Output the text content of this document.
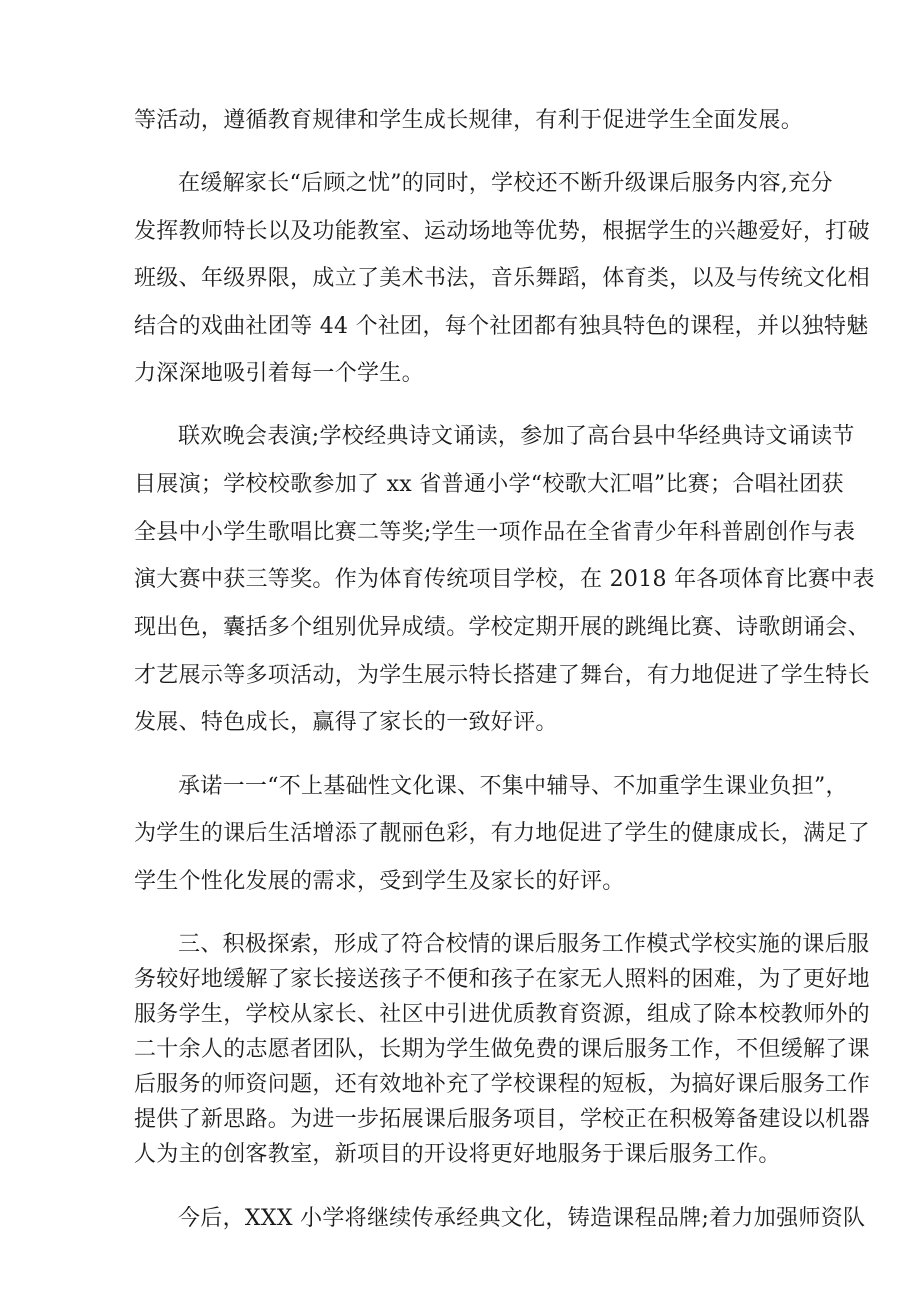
等活动，遵循教育规律和学生成长规律，有利于促进学生全面发展。
在缓解家长“后顾之忧”的同时，学校还不断升级课后服务内容,充分
发挥教师特长以及功能教室、运动场地等优势，根据学生的兴趣爱好，打破
班级、年级界限，成立了美术书法，音乐舞蹈，体育类，以及与传统文化相
结合的戏曲社团等 44 个社团，每个社团都有独具特色的课程，并以独特魅
力深深地吸引着每一个学生。
联欢晚会表演;学校经典诗文诵读，参加了高台县中华经典诗文诵读节
目展演；学校校歌参加了 xx 省普通小学“校歌大汇唱”比赛；合唱社团获
全县中小学生歌唱比赛二等奖;学生一项作品在全省青少年科普剧创作与表
演大赛中获三等奖。作为体育传统项目学校，在 2018 年各项体育比赛中表
现出色，囊括多个组别优异成绩。学校定期开展的跳绳比赛、诗歌朗诵会、
才艺展示等多项活动，为学生展示特长搭建了舞台，有力地促进了学生特长
发展、特色成长，赢得了家长的一致好评。
承诺一一“不上基础性文化课、不集中辅导、不加重学生课业负担”，
为学生的课后生活增添了靓丽色彩，有力地促进了学生的健康成长，满足了
学生个性化发展的需求，受到学生及家长的好评。
三、积极探索，形成了符合校情的课后服务工作模式学校实施的课后服
务较好地缓解了家长接送孩子不便和孩子在家无人照料的困难，为了更好地
服务学生，学校从家长、社区中引进优质教育资源，组成了除本校教师外的
二十余人的志愿者团队，长期为学生做免费的课后服务工作，不但缓解了课
后服务的师资问题，还有效地补充了学校课程的短板，为搞好课后服务工作
提供了新思路。为进一步拓展课后服务项目，学校正在积极筹备建设以机器
人为主的创客教室，新项目的开设将更好地服务于课后服务工作。
今后，XXX 小学将继续传承经典文化，铸造课程品牌;着力加强师资队
